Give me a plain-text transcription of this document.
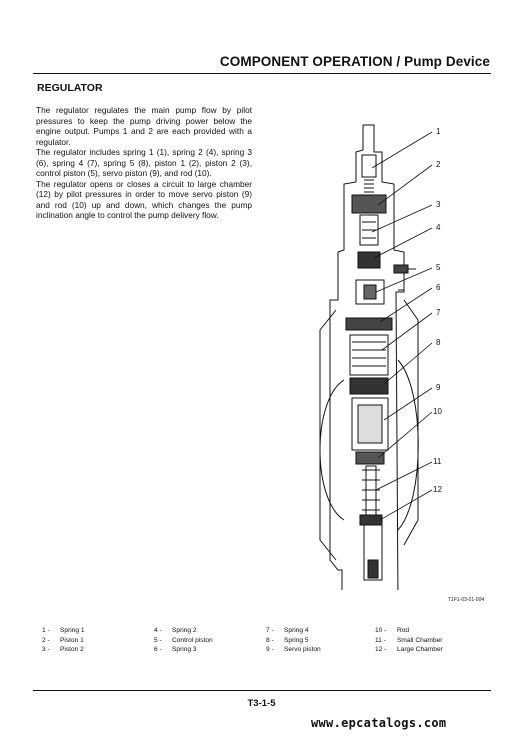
COMPONENT OPERATION / Pump Device
REGULATOR

The regulator regulates the main pump flow by pilot pressures to keep the pump driving power below the engine output. Pumps 1 and 2 are each provided with a regulator.

The regulator includes spring 1 (1), spring 2 (4), spring 3 (6), spring 4 (7), spring 5 (8), piston 1 (2), piston 2 (3), control piston (5), servo piston (9), and rod (10).

The regulator opens or closes a circuit to large chamber (12) by pilot pressures in order to move servo piston (9) and rod (10) up and down, which changes the pump inclination angle to control the pump delivery flow.

1
2
3
4
5
6
7
8
9
10
11
12
T1F1-03-01-004
1 - Spring 1
2 - Piston 1
3 - Piston 2
4 - Spring 2
5 - Control piston
6 - Spring 3
7 - Spring 4
8 - Spring 5
9 - Servo piston
10 - Rod
11 - Small Chamber
12 - Large Chamber
T3-1-5
www.epcatalogs.com
